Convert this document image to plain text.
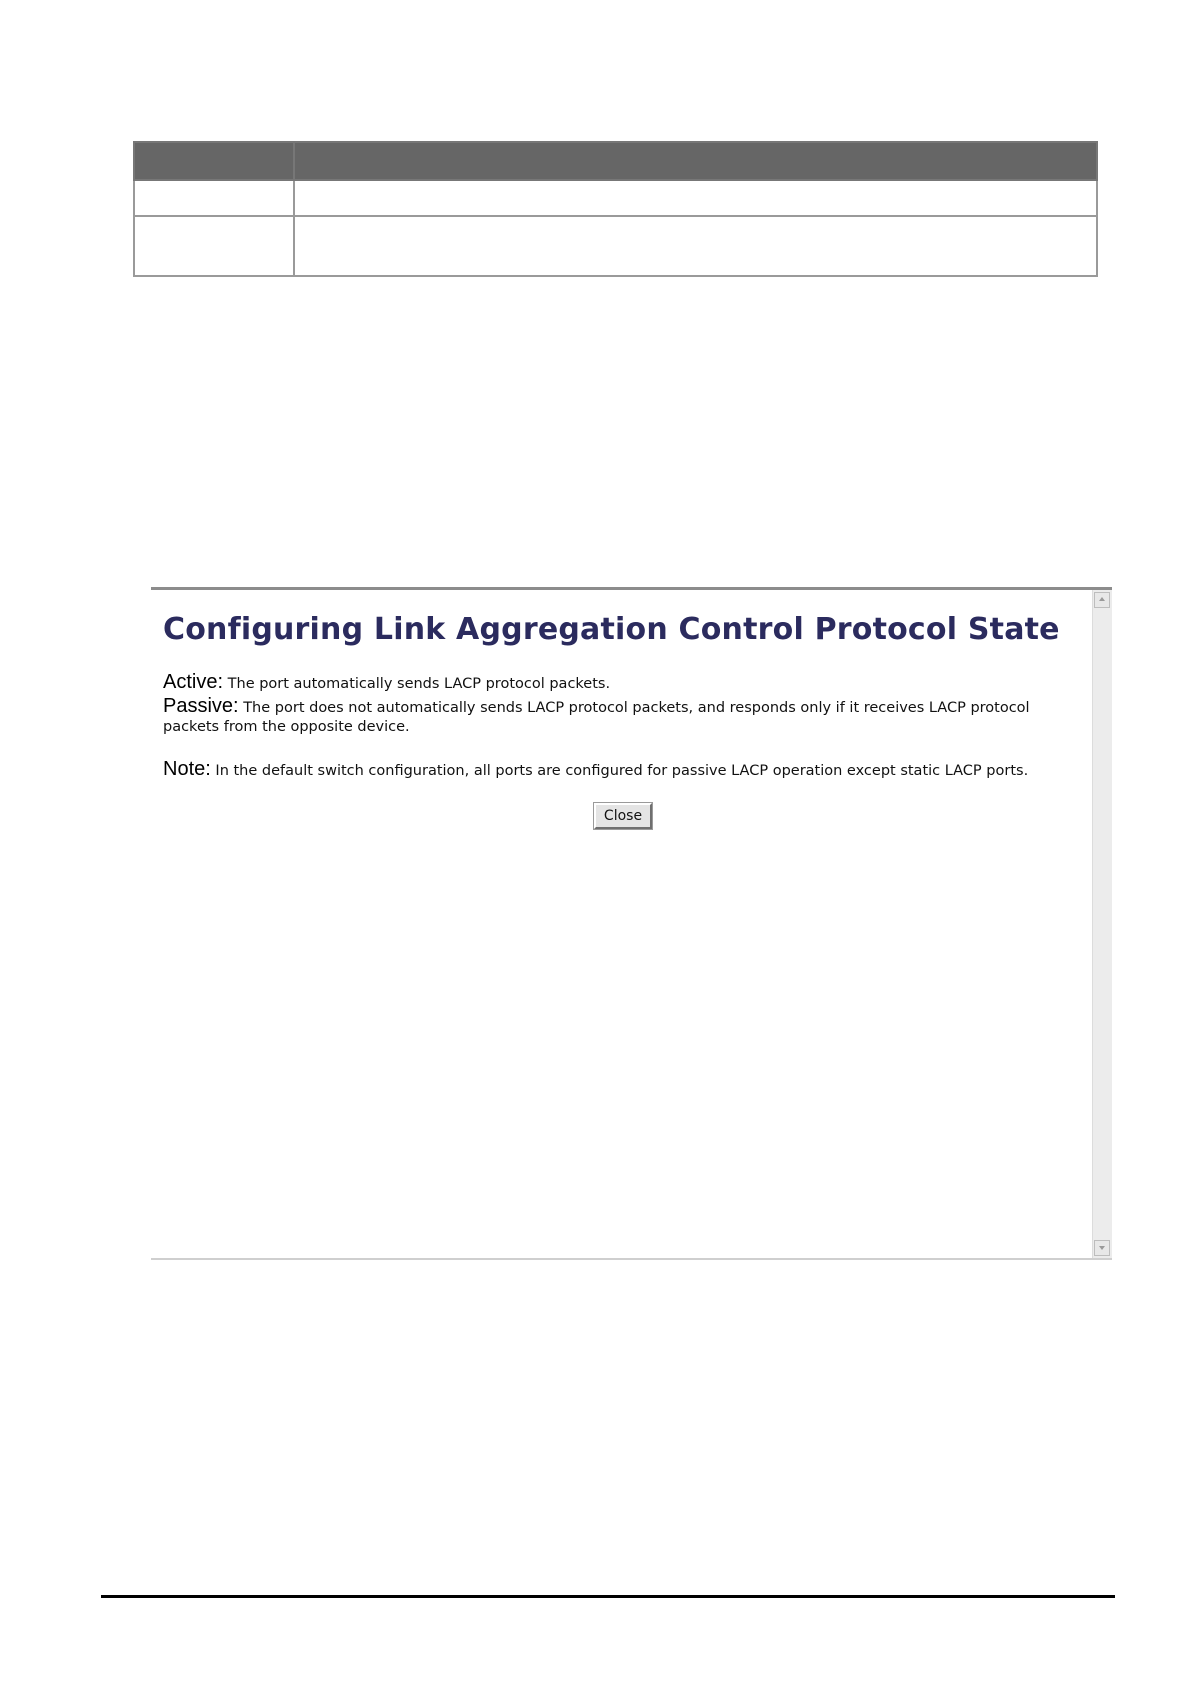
Configuring Link Aggregation Control Protocol State

Active: The port automatically sends LACP protocol packets.

Passive: The port does not automatically sends LACP protocol packets, and responds only if it receives LACP protocol packets from the opposite device.

Note: In the default switch configuration, all ports are configured for passive LACP operation except static LACP ports.

Close
